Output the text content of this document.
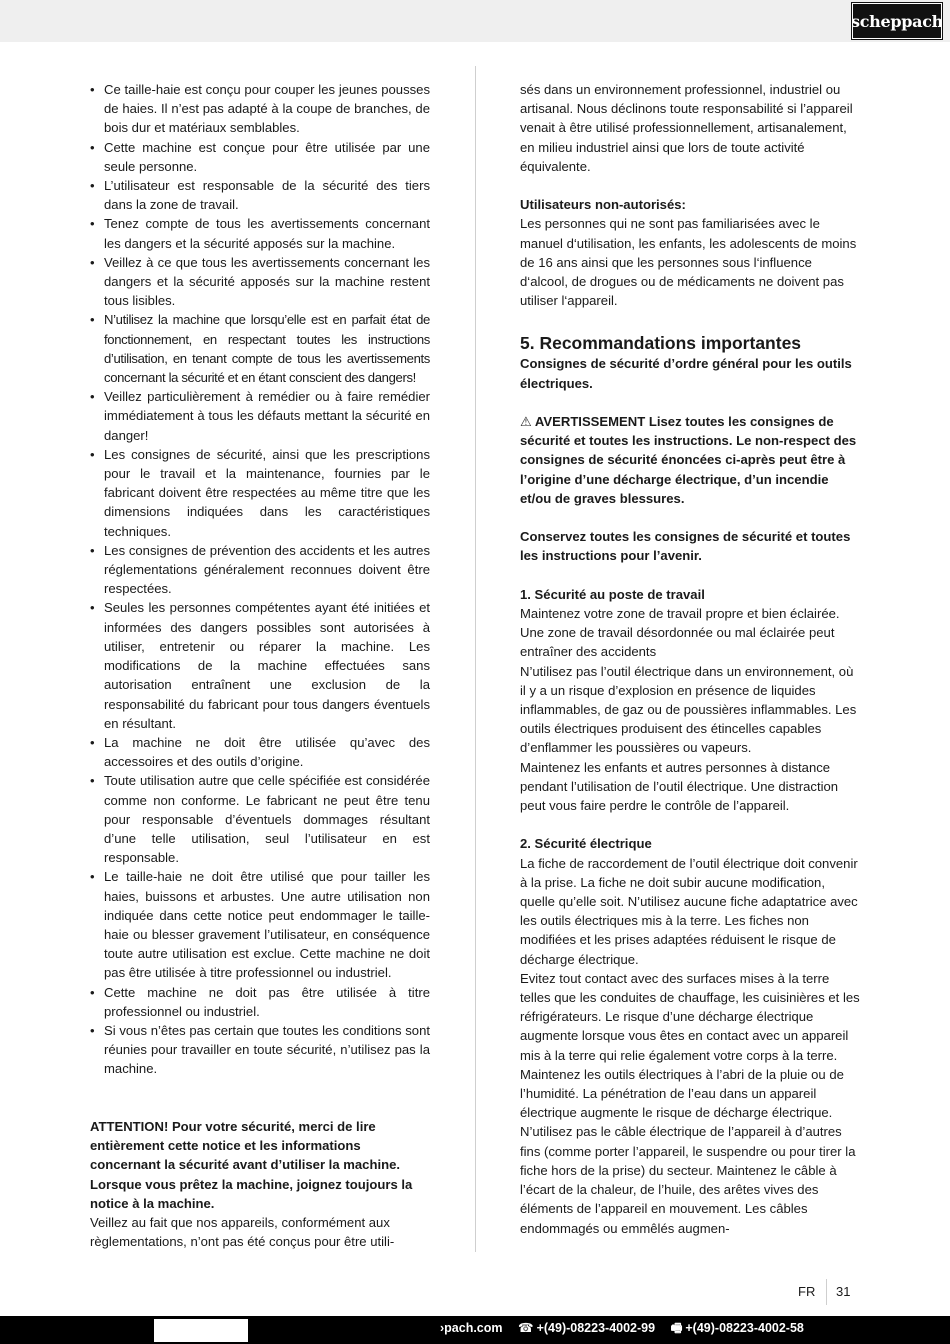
scheppach
• Ce taille-haie est conçu pour couper les jeunes pousses de haies. Il n’est pas adapté à la coupe de branches, de bois dur et matériaux semblables.
• Cette machine est conçue pour être utilisée par une seule personne.
• L’utilisateur est responsable de la sécurité des tiers dans la zone de travail.
• Tenez compte de tous les avertissements concernant les dangers et la sécurité apposés sur la machine.
• Veillez à ce que tous les avertissements concernant les dangers et la sécurité apposés sur la machine restent tous lisibles.
• N’utilisez la machine que lorsqu’elle est en parfait état de fonctionnement, en respectant toutes les instructions d’utilisation, en tenant compte de tous les avertissements concernant la sécurité et en étant conscient des dangers!
• Veillez particulièrement à remédier ou à faire remédier immédiatement à tous les défauts mettant la sécurité en danger!
• Les consignes de sécurité, ainsi que les prescriptions pour le travail et la maintenance, fournies par le fabricant doivent être respectées au même titre que les dimensions indiquées dans les caractéristiques techniques.
• Les consignes de prévention des accidents et les autres réglementations généralement reconnues doivent être respectées.
• Seules les personnes compétentes ayant été initiées et informées des dangers possibles sont autorisées à utiliser, entretenir ou réparer la machine. Les modifications de la machine effectuées sans autorisation entraînent une exclusion de la responsabilité du fabricant pour tous dangers éventuels en résultant.
• La machine ne doit être utilisée qu’avec des accessoires et des outils d’origine.
• Toute utilisation autre que celle spécifiée est considérée comme non conforme. Le fabricant ne peut être tenu pour responsable d’éventuels dommages résultant d’une telle utilisation, seul l’utilisateur en est responsable.
• Le taille-haie ne doit être utilisé que pour tailler les haies, buissons et arbustes. Une autre utilisation non indiquée dans cette notice peut endommager le taille-haie ou blesser gravement l’utilisateur, en conséquence toute autre utilisation est exclue. Cette machine ne doit pas être utilisée à titre professionnel ou industriel.
• Cette machine ne doit pas être utilisée à titre professionnel ou industriel.
• Si vous n’êtes pas certain que toutes les conditions sont réunies pour travailler en toute sécurité, n’utilisez pas la machine.

ATTENTION! Pour votre sécurité, merci de lire entièrement cette notice et les informations concernant la sécurité avant d’utiliser la machine.

Lorsque vous prêtez la machine, joignez toujours la notice à la machine.

Veillez au fait que nos appareils, conformément aux règlementations, n’ont pas été conçus pour être utili-

sés dans un environnement professionnel, industriel ou artisanal. Nous déclinons toute responsabilité si l’appareil venait à être utilisé professionnellement, artisanalement, en milieu industriel ainsi que lors de toute activité équivalente.

Utilisateurs non-autorisés:

Les personnes qui ne sont pas familiarisées avec le manuel d‘utilisation, les enfants, les adolescents de moins de 16 ans ainsi que les personnes sous l‘influence d‘alcool, de drogues ou de médicaments ne doivent pas utiliser l‘appareil.

5. Recommandations importantes

Consignes de sécurité d’ordre général pour les outils électriques.

⚠ AVERTISSEMENT Lisez toutes les consignes de sécurité et toutes les instructions. Le non-respect des consignes de sécurité énoncées ci-après peut être à l’origine d’une décharge électrique, d’un incendie et/ou de graves blessures.

Conservez toutes les consignes de sécurité et toutes les instructions pour l’avenir.

1. Sécurité au poste de travail

Maintenez votre zone de travail propre et bien éclairée. Une zone de travail désordonnée ou mal éclairée peut entraîner des accidents

N’utilisez pas l’outil électrique dans un environnement, où il y a un risque d’explosion en présence de liquides inflammables, de gaz ou de poussières inflammables. Les outils électriques produisent des étincelles capables d’enflammer les poussières ou vapeurs.

Maintenez les enfants et autres personnes à distance pendant l’utilisation de l’outil électrique. Une distraction peut vous faire perdre le contrôle de l’appareil.

2. Sécurité électrique

La fiche de raccordement de l’outil électrique doit convenir à la prise. La fiche ne doit subir aucune modification, quelle qu’elle soit. N’utilisez aucune fiche adaptatrice avec les outils électriques mis à la terre. Les fiches non modifiées et les prises adaptées réduisent le risque de décharge électrique.

Evitez tout contact avec des surfaces mises à la terre telles que les conduites de chauffage, les cuisinières et les réfrigérateurs. Le risque d’une décharge électrique augmente lorsque vous êtes en contact avec un appareil mis à la terre qui relie également votre corps à la terre.

Maintenez les outils électriques à l’abri de la pluie ou de l’humidité. La pénétration de l’eau dans un appareil électrique augmente le risque de décharge électrique.

N’utilisez pas le câble électrique de l’appareil à d’autres fins (comme porter l’appareil, le suspendre ou pour tirer la fiche hors de la prise) du secteur. Maintenez le câble à l’écart de la chaleur, de l’huile, des arêtes vives des éléments de l’appareil en mouvement. Les câbles endommagés ou emmêlés augmen-

FR 31
›pach.com ☎ +(49)-08223-4002-99 🖷 +(49)-08223-4002-58
